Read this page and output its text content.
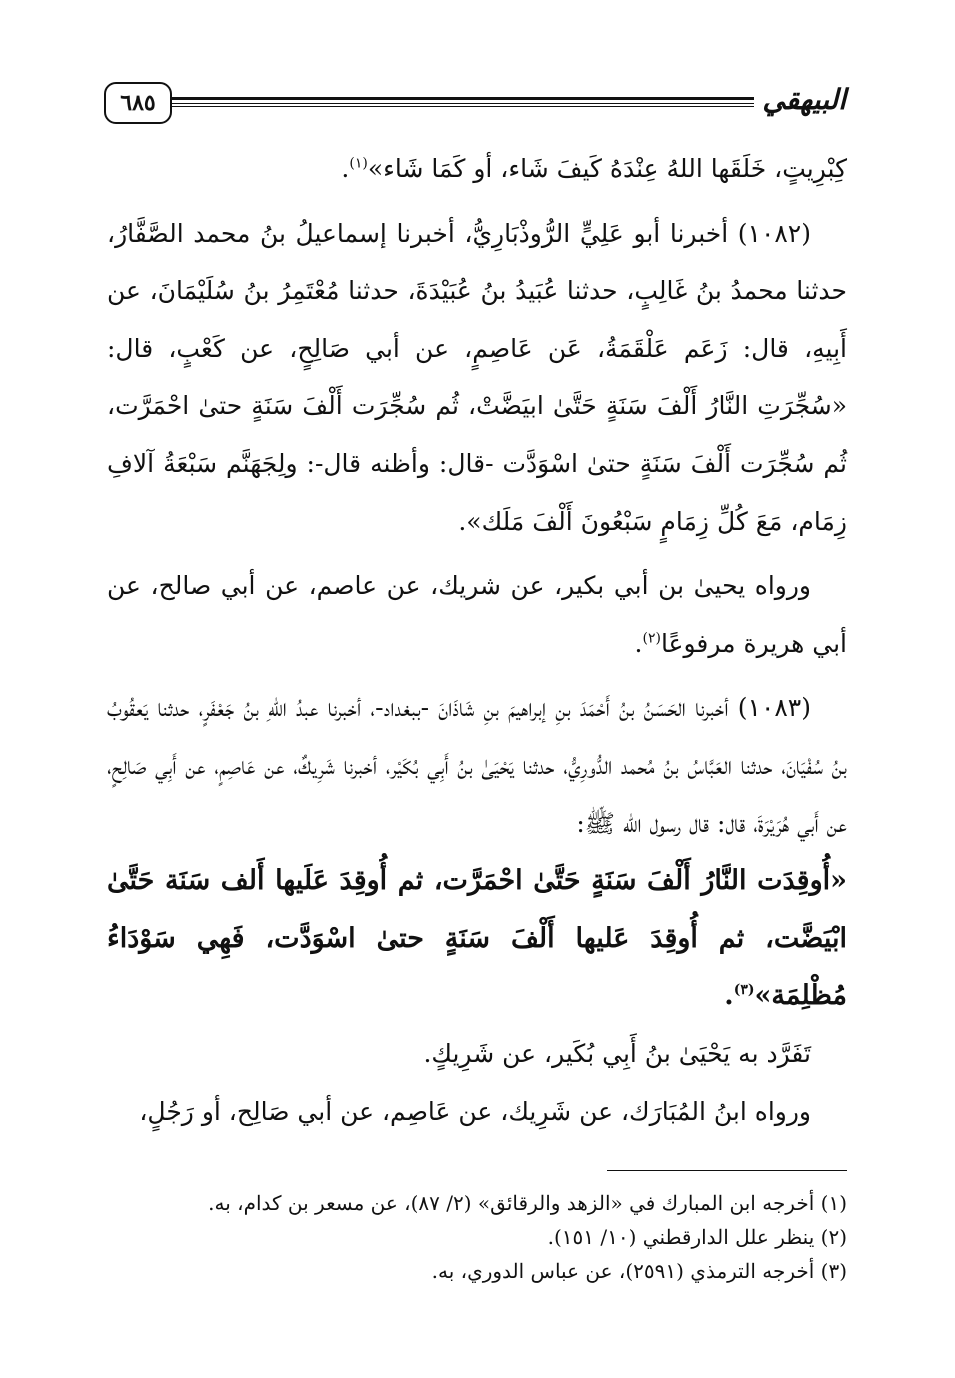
البيهقي
٦٨٥

كِبْرِيتٍ، خَلَقَها اللهُ عِنْدَهُ كَيفَ شَاء، أو كَمَا شَاء»$^{(١)}$.

(١٠٨٢) أخبرنا أبو عَلِيٍّ الرُّوذْبَارِيُّ، أخبرنا إسماعيلُ بنُ محمد الصَّفَّارُ، حدثنا محمدُ بنُ غَالِبٍ، حدثنا عُبَيدُ بنُ عُبَيْدَةَ، حدثنا مُعْتَمِرُ بنُ سُلَيْمَانَ، عن أَبِيهِ، قال: زَعَم عَلْقَمَةُ، عَن عَاصِمٍ، عن أبي صَالِحٍ، عن كَعْبٍ، قال: «سُجِّرَتِ النَّارُ أَلْفَ سَنَةٍ حَتَّىٰ ابيَضَّتْ، ثُم سُجِّرَت أَلْفَ سَنَةٍ حتىٰ احْمَرَّت، ثُم سُجِّرَت أَلْفَ سَنَةٍ حتىٰ اسْوَدَّت -قال: وأظنه قال-: ولِجَهَنَّم سَبْعَةُ آلافِ زِمَام، مَعَ كُلِّ زِمَامٍ سَبْعُونَ أَلْفَ مَلَك».

ورواه يحيىٰ بن أبي بكير، عن شريك، عن عاصم، عن أبي صالح، عن أبي هريرة مرفوعًا$^{(٢)}$.

(١٠٨٣) أخبرنا الحَسَنُ بنُ أَحْمَدَ بنِ إبراهيمَ بنِ شَاذَانَ -ببغداد-، أخبرنا عبدُ اللهِ بنُ جَعْفَرٍ، حدثنا يَعقُوبُ بنُ سُفْيَانَ، حدثنا العَبَّاسُ بنُ مُحمد الدُّورِيُّ، حدثنا يَحْيَىٰ بنُ أَبِي بُكَيْر، أخبرنا شَرِيكٌ، عن عَاصِمٍ، عن أَبِي صَالِحٍ، عن أَبي هُرَيْرَةَ، قال: قال رسول الله ﷺ:

«أُوقِدَت النَّارُ أَلْفَ سَنَةٍ حَتَّىٰ احْمَرَّت، ثم أُوقِدَ عَلَيها أَلف سَنَة حَتَّىٰ ابْيَضَّت، ثم أُوقِدَ عَليها أَلْفَ سَنَةٍ حتىٰ اسْوَدَّت، فَهِي سَوْدَاءُ مُظْلِمَة»$^{(٣)}$.

تَفَرَّد به يَحْيَىٰ بنُ أَبِي بُكَير، عن شَرِيكٍ.

ورواه ابنُ المُبَارَك، عن شَرِيك، عن عَاصِم، عن أبي صَالِح، أو رَجُلٍ،

(١) أخرجه ابن المبارك في «الزهد والرقائق» (٢/ ٨٧)، عن مسعر بن كدام، به.

(٢) ينظر علل الدارقطني (١٠/ ١٥١).

(٣) أخرجه الترمذي (٢٥٩١)، عن عباس الدوري، به.
